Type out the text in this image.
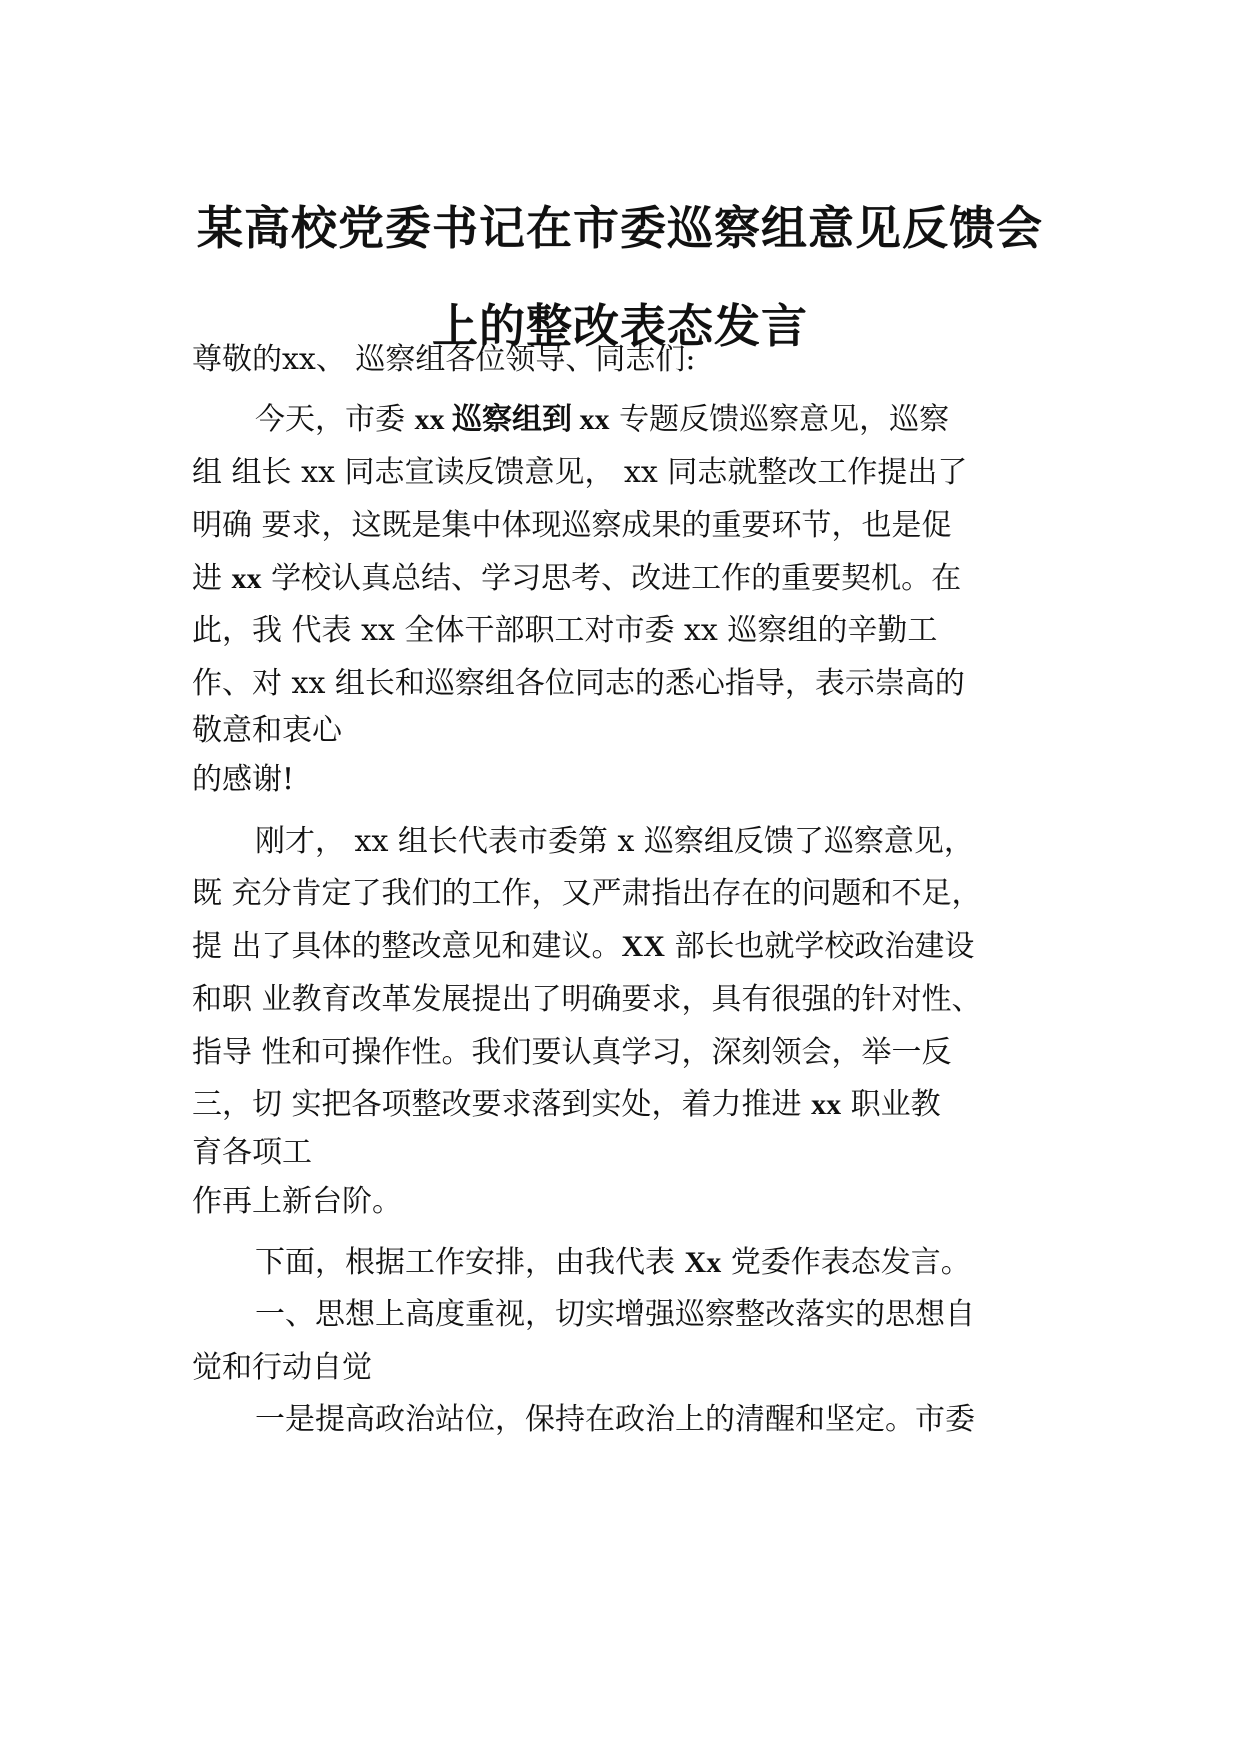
某高校党委书记在市委巡察组意见反馈会
上的整改表态发言

尊敬的xx、 巡察组各位领导、同志们:

今天，市委 xx 巡察组到 xx 专题反馈巡察意见，巡察

组 组长 xx 同志宣读反馈意见， xx 同志就整改工作提出了

明确 要求，这既是集中体现巡察成果的重要环节，也是促

进 xx 学校认真总结、学习思考、改进工作的重要契机。在

此，我 代表 xx 全体干部职工对市委 xx 巡察组的辛勤工

作、对 xx 组长和巡察组各位同志的悉心指导，表示崇高的

敬意和衷心

的感谢!

刚才， xx 组长代表市委第 x 巡察组反馈了巡察意见，

既 充分肯定了我们的工作，又严肃指出存在的问题和不足，

提 出了具体的整改意见和建议。XX 部长也就学校政治建设

和职 业教育改革发展提出了明确要求，具有很强的针对性、

指导 性和可操作性。我们要认真学习，深刻领会，举一反

三，切 实把各项整改要求落到实处，着力推进 xx 职业教

育各项工

作再上新台阶。

下面，根据工作安排，由我代表 Xx 党委作表态发言。

一、思想上高度重视，切实增强巡察整改落实的思想自

觉和行动自觉

一是提高政治站位，保持在政治上的清醒和坚定。市委
